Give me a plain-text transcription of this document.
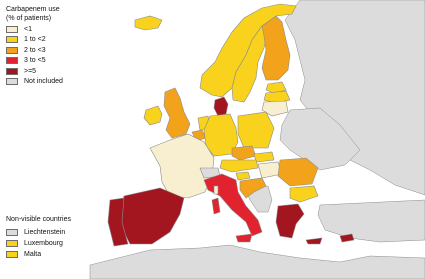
Carbapenem use
(% of patients)
<1
1 to <2
2 to <3
3 to <5
>=5
Not included
Non-visible countries
Liechtenstein
Luxembourg
Malta
